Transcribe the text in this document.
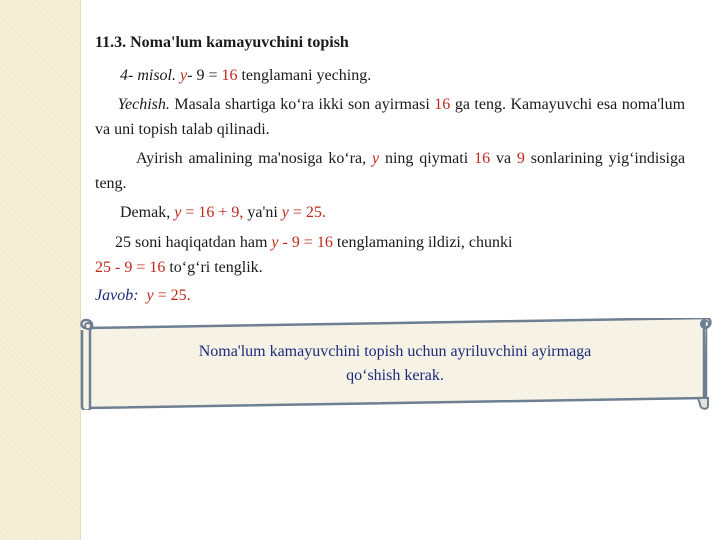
11.3. Noma'lum kamayuvchini topish

4- misol. y- 9 = 16 tenglamani yeching.

Yechish. Masala shartiga ko‘ra ikki son ayirmasi 16 ga teng. Kamayuvchi esa noma'lum va uni topish talab qilinadi.

Ayirish amalining ma'nosiga ko‘ra, y ning qiymati 16 va 9 sonlarining yig‘indisiga teng.

Demak, y = 16 + 9, ya'ni y = 25.

25 soni haqiqatdan ham y - 9 = 16 tenglamaning ildizi, chunki
25 - 9 = 16 to‘g‘ri tenglik.

Javob: y = 25.

Noma'lum kamayuvchini topish uchun ayriluvchini ayirmaga
qo‘shish kerak.
